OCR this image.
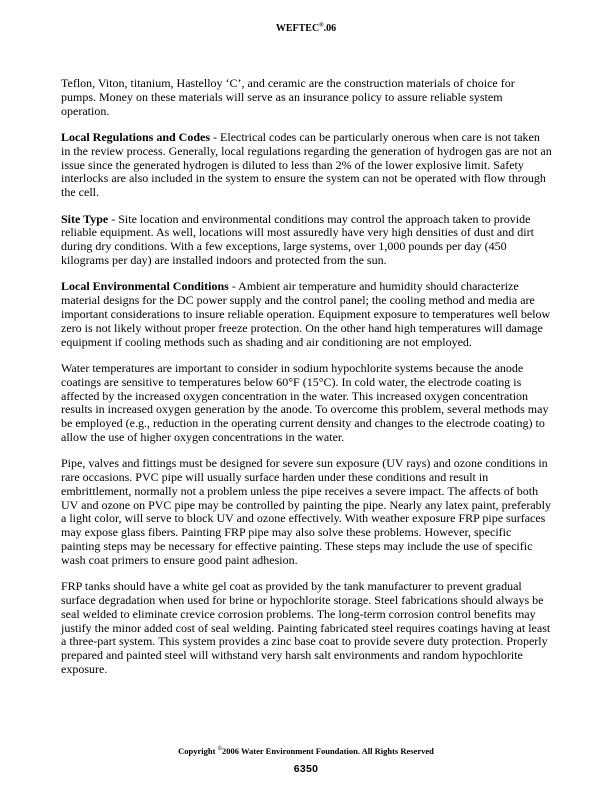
WEFTEC®.06

Teflon, Viton, titanium, Hastelloy ‘C’, and ceramic are the construction materials of choice for pumps. Money on these materials will serve as an insurance policy to assure reliable system operation.

Local Regulations and Codes - Electrical codes can be particularly onerous when care is not taken in the review process. Generally, local regulations regarding the generation of hydrogen gas are not an issue since the generated hydrogen is diluted to less than 2% of the lower explosive limit. Safety interlocks are also included in the system to ensure the system can not be operated with flow through the cell.

Site Type - Site location and environmental conditions may control the approach taken to provide reliable equipment. As well, locations will most assuredly have very high densities of dust and dirt during dry conditions. With a few exceptions, large systems, over 1,000 pounds per day (450 kilograms per day) are installed indoors and protected from the sun.

Local Environmental Conditions - Ambient air temperature and humidity should characterize material designs for the DC power supply and the control panel; the cooling method and media are important considerations to insure reliable operation. Equipment exposure to temperatures well below zero is not likely without proper freeze protection. On the other hand high temperatures will damage equipment if cooling methods such as shading and air conditioning are not employed.

Water temperatures are important to consider in sodium hypochlorite systems because the anode coatings are sensitive to temperatures below 60°F (15°C). In cold water, the electrode coating is affected by the increased oxygen concentration in the water. This increased oxygen concentration results in increased oxygen generation by the anode. To overcome this problem, several methods may be employed (e.g., reduction in the operating current density and changes to the electrode coating) to allow the use of higher oxygen concentrations in the water.

Pipe, valves and fittings must be designed for severe sun exposure (UV rays) and ozone conditions in rare occasions. PVC pipe will usually surface harden under these conditions and result in embrittlement, normally not a problem unless the pipe receives a severe impact. The affects of both UV and ozone on PVC pipe may be controlled by painting the pipe. Nearly any latex paint, preferably a light color, will serve to block UV and ozone effectively. With weather exposure FRP pipe surfaces may expose glass fibers. Painting FRP pipe may also solve these problems. However, specific painting steps may be necessary for effective painting. These steps may include the use of specific wash coat primers to ensure good paint adhesion.

FRP tanks should have a white gel coat as provided by the tank manufacturer to prevent gradual surface degradation when used for brine or hypochlorite storage. Steel fabrications should always be seal welded to eliminate crevice corrosion problems. The long-term corrosion control benefits may justify the minor added cost of seal welding. Painting fabricated steel requires coatings having at least a three-part system. This system provides a zinc base coat to provide severe duty protection. Properly prepared and painted steel will withstand very harsh salt environments and random hypochlorite exposure.

Copyright ©2006 Water Environment Foundation. All Rights Reserved
6350
